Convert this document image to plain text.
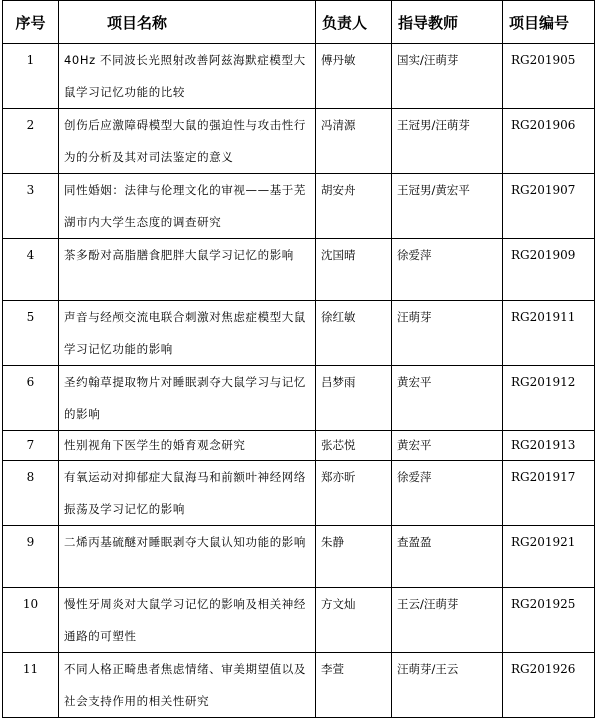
序号	项目名称	负责人	指导教师	项目编号
1	40Hz 不同波长光照射改善阿兹海默症模型大鼠学习记忆功能的比较	傅丹敏	国实/汪萌芽	RG201905
2	创伤后应激障碍模型大鼠的强迫性与攻击性行为的分析及其对司法鉴定的意义	冯清源	王冠男/汪萌芽	RG201906
3	同性婚姻：法律与伦理文化的审视——基于芜湖市内大学生态度的调查研究	胡安舟	王冠男/黄宏平	RG201907
4	茶多酚对高脂膳食肥胖大鼠学习记忆的影响	沈国晴	徐爱萍	RG201909
5	声音与经颅交流电联合刺激对焦虑症模型大鼠学习记忆功能的影响	徐红敏	汪萌芽	RG201911
6	圣约翰草提取物片对睡眠剥夺大鼠学习与记忆的影响	吕梦雨	黄宏平	RG201912
7	性别视角下医学生的婚育观念研究	张芯悦	黄宏平	RG201913
8	有氧运动对抑郁症大鼠海马和前额叶神经网络振荡及学习记忆的影响	郑亦昕	徐爱萍	RG201917
9	二烯丙基硫醚对睡眠剥夺大鼠认知功能的影响	朱静	查盈盈	RG201921
10	慢性牙周炎对大鼠学习记忆的影响及相关神经通路的可塑性	方文灿	王云/汪萌芽	RG201925
11	不同人格正畸患者焦虑情绪、审美期望值以及社会支持作用的相关性研究	李萱	汪萌芽/王云	RG201926
